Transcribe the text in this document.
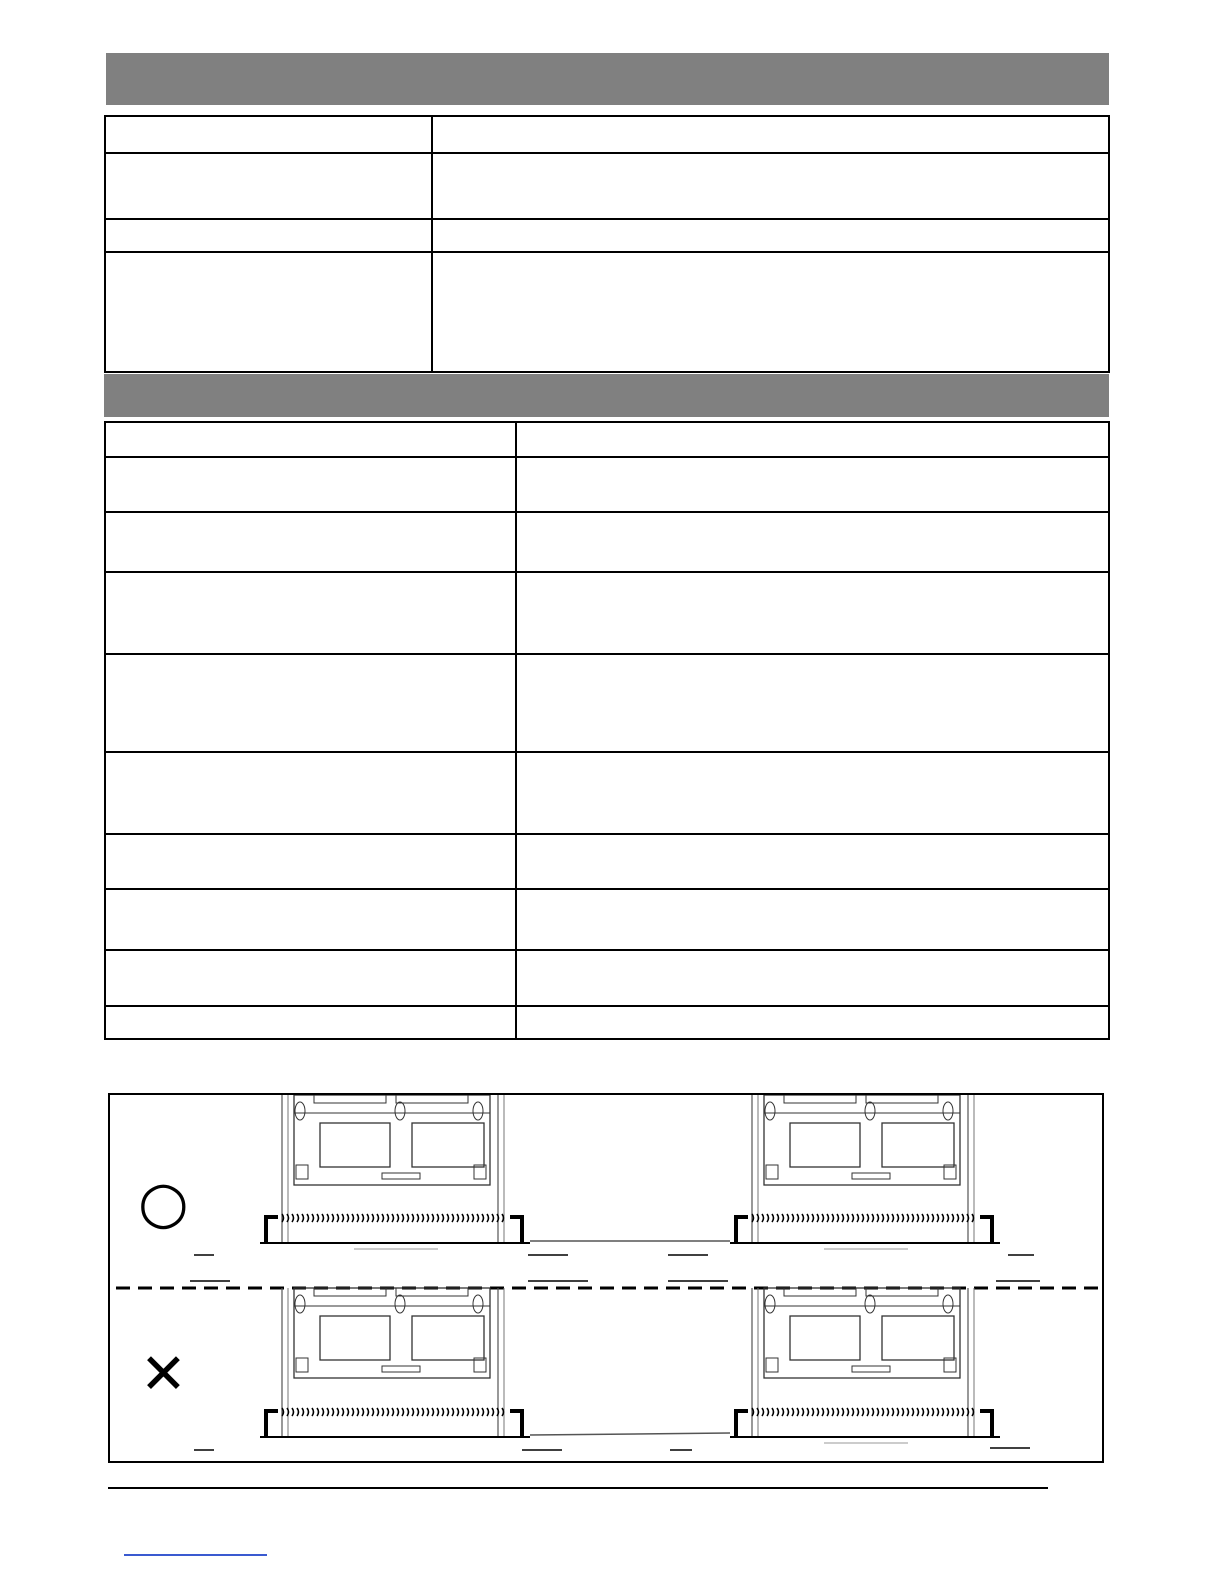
○
✕
